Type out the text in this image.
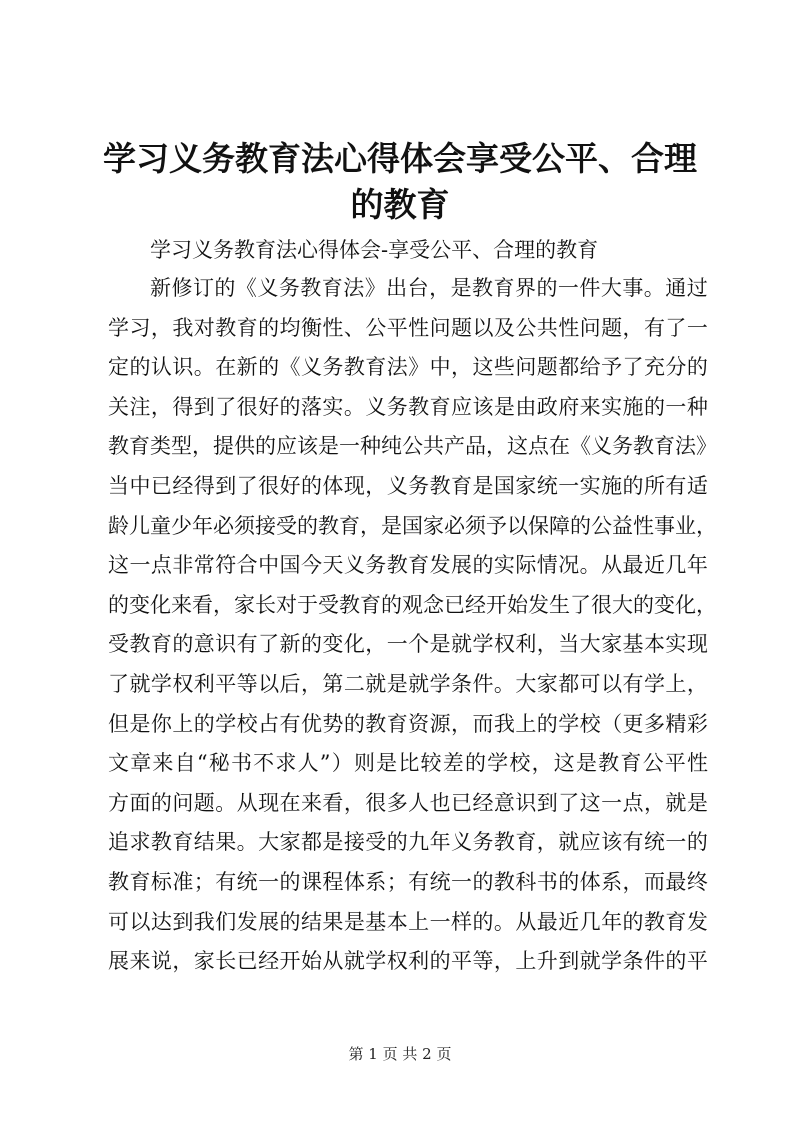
学习义务教育法心得体会享受公平、合理的教育
学习义务教育法心得体会-享受公平、合理的教育
新 修 订 的 《 义 务 教 育 法 》 出 台 ， 是 教 育 界 的 一 件 大 事 。 通 过
学 习 ， 我 对 教 育 的 均 衡 性 、 公 平 性 问 题 以 及 公 共 性 问 题 ， 有 了 一
定 的 认 识 。 在 新 的 《 义 务 教 育 法 》 中 ， 这 些 问 题 都 给 予 了 充 分 的
关 注 ， 得 到 了 很 好 的 落 实 。 义 务 教 育 应 该 是 由 政 府 来 实 施 的 一 种
教 育 类 型 ， 提 供 的 应 该 是 一 种 纯 公 共 产 品 ， 这 点 在 《 义 务 教 育 法 》
当 中 已 经 得 到 了 很 好 的 体 现 ， 义 务 教 育 是 国 家 统 一 实 施 的 所 有 适
龄 儿 童 少 年 必 须 接 受 的 教 育 ， 是 国 家 必 须 予 以 保 障 的 公 益 性 事 业 ，
这 一 点 非 常 符 合 中 国 今 天 义 务 教 育 发 展 的 实 际 情 况 。 从 最 近 几 年
的 变 化 来 看 ， 家 长 对 于 受 教 育 的 观 念 已 经 开 始 发 生 了 很 大 的 变 化 ，
受 教 育 的 意 识 有 了 新 的 变 化 ， 一 个 是 就 学 权 利 ， 当 大 家 基 本 实 现
了 就 学 权 利 平 等 以 后 ， 第 二 就 是 就 学 条 件 。 大 家 都 可 以 有 学 上 ，
但 是 你 上 的 学 校 占 有 优 势 的 教 育 资 源 ， 而 我 上 的 学 校 （ 更 多 精 彩
文 章 来 自 “ 秘 书 不 求 人 ” ） 则 是 比 较 差 的 学 校 ， 这 是 教 育 公 平 性
方 面 的 问 题 。 从 现 在 来 看 ， 很 多 人 也 已 经 意 识 到 了 这 一 点 ， 就 是
追 求 教 育 结 果 。 大 家 都 是 接 受 的 九 年 义 务 教 育 ， 就 应 该 有 统 一 的
教 育 标 准 ； 有 统 一 的 课 程 体 系 ； 有 统 一 的 教 科 书 的 体 系 ， 而 最 终
可 以 达 到 我 们 发 展 的 结 果 是 基 本 上 一 样 的 。 从 最 近 几 年 的 教 育 发
展 来 说 ， 家 长 已 经 开 始 从 就 学 权 利 的 平 等 ， 上 升 到 就 学 条 件 的 平
第 1 页 共 2 页
